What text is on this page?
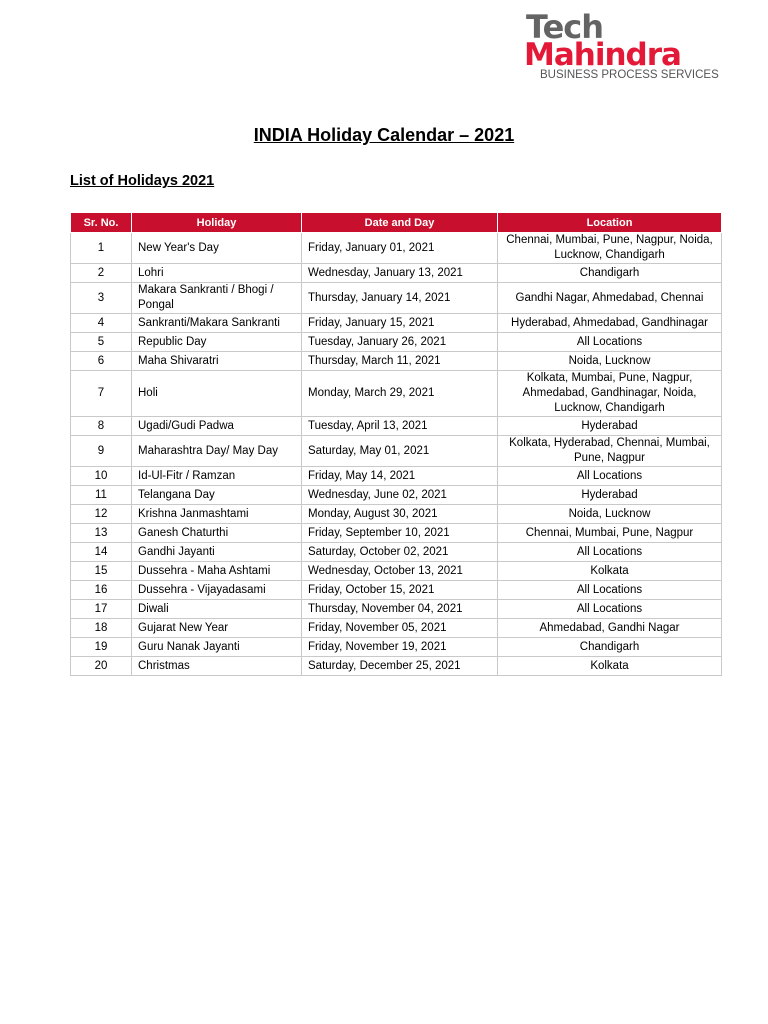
Tech
Mahindra
BUSINESS PROCESS SERVICES
INDIA Holiday Calendar – 2021
List of Holidays 2021
Sr. No.	Holiday	Date and Day	Location
1	New Year's Day	Friday, January 01, 2021	Chennai, Mumbai, Pune, Nagpur, Noida, Lucknow, Chandigarh
2	Lohri	Wednesday, January 13, 2021	Chandigarh
3	Makara Sankranti / Bhogi / Pongal	Thursday, January 14, 2021	Gandhi Nagar, Ahmedabad, Chennai
4	Sankranti/Makara Sankranti	Friday, January 15, 2021	Hyderabad, Ahmedabad, Gandhinagar
5	Republic Day	Tuesday, January 26, 2021	All Locations
6	Maha Shivaratri	Thursday, March 11, 2021	Noida, Lucknow
7	Holi	Monday, March 29, 2021	Kolkata, Mumbai, Pune, Nagpur, Ahmedabad, Gandhinagar, Noida, Lucknow, Chandigarh
8	Ugadi/Gudi Padwa	Tuesday, April 13, 2021	Hyderabad
9	Maharashtra Day/ May Day	Saturday, May 01, 2021	Kolkata, Hyderabad, Chennai, Mumbai, Pune, Nagpur
10	Id-Ul-Fitr / Ramzan	Friday, May 14, 2021	All Locations
11	Telangana Day	Wednesday, June 02, 2021	Hyderabad
12	Krishna Janmashtami	Monday, August 30, 2021	Noida, Lucknow
13	Ganesh Chaturthi	Friday, September 10, 2021	Chennai, Mumbai, Pune, Nagpur
14	Gandhi Jayanti	Saturday, October 02, 2021	All Locations
15	Dussehra - Maha Ashtami	Wednesday, October 13, 2021	Kolkata
16	Dussehra - Vijayadasami	Friday, October 15, 2021	All Locations
17	Diwali	Thursday, November 04, 2021	All Locations
18	Gujarat New Year	Friday, November 05, 2021	Ahmedabad, Gandhi Nagar
19	Guru Nanak Jayanti	Friday, November 19, 2021	Chandigarh
20	Christmas	Saturday, December 25, 2021	Kolkata
